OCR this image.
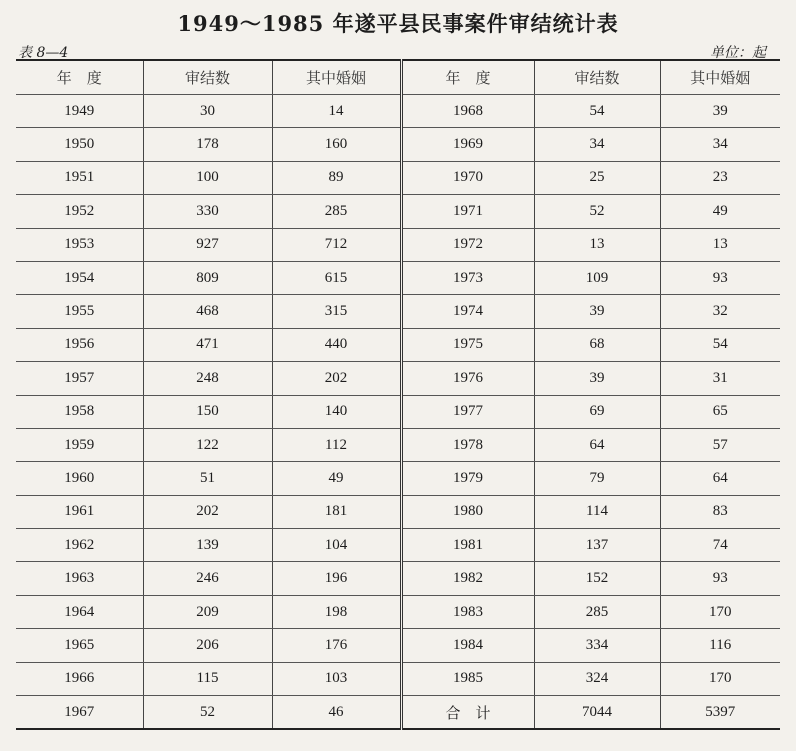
1949～1985 年遂平县民事案件审结统计表
表 8—4	单位：起
年　度	审结数	其中婚姻	年　度	审结数	其中婚姻
1949	30	14	1968	54	39
1950	178	160	1969	34	34
1951	100	89	1970	25	23
1952	330	285	1971	52	49
1953	927	712	1972	13	13
1954	809	615	1973	109	93
1955	468	315	1974	39	32
1956	471	440	1975	68	54
1957	248	202	1976	39	31
1958	150	140	1977	69	65
1959	122	112	1978	64	57
1960	51	49	1979	79	64
1961	202	181	1980	114	83
1962	139	104	1981	137	74
1963	246	196	1982	152	93
1964	209	198	1983	285	170
1965	206	176	1984	334	116
1966	115	103	1985	324	170
1967	52	46	合　计	7044	5397
